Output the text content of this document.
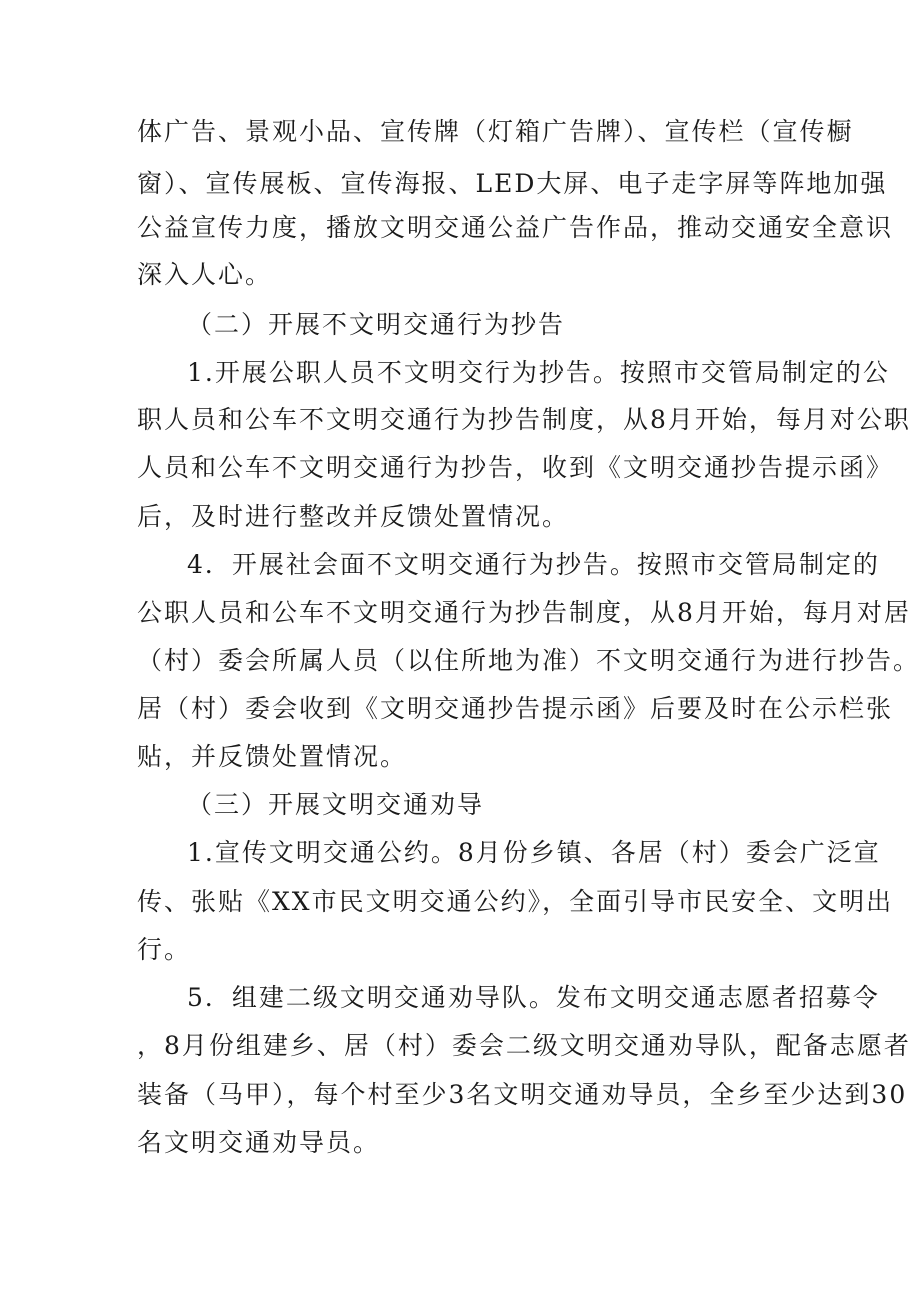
体广告、景观小品、宣传牌（灯箱广告牌）、宣传栏（宣传橱
窗）、宣传展板、宣传海报、LED大屏、电子走字屏等阵地加强
公益宣传力度，播放文明交通公益广告作品，推动交通安全意识
深入人心。
（二）开展不文明交通行为抄告
1.开展公职人员不文明交行为抄告。按照市交管局制定的公
职人员和公车不文明交通行为抄告制度，从8月开始，每月对公职
人员和公车不文明交通行为抄告，收到《文明交通抄告提示函》
后，及时进行整改并反馈处置情况。
4．开展社会面不文明交通行为抄告。按照市交管局制定的
公职人员和公车不文明交通行为抄告制度，从8月开始，每月对居
（村）委会所属人员（以住所地为准）不文明交通行为进行抄告。
居（村）委会收到《文明交通抄告提示函》后要及时在公示栏张
贴，并反馈处置情况。
（三）开展文明交通劝导
1.宣传文明交通公约。8月份乡镇、各居（村）委会广泛宣
传、张贴《XX市民文明交通公约》，全面引导市民安全、文明出
行。
5．组建二级文明交通劝导队。发布文明交通志愿者招募令
，8月份组建乡、居（村）委会二级文明交通劝导队，配备志愿者
装备（马甲），每个村至少3名文明交通劝导员，全乡至少达到30
名文明交通劝导员。
